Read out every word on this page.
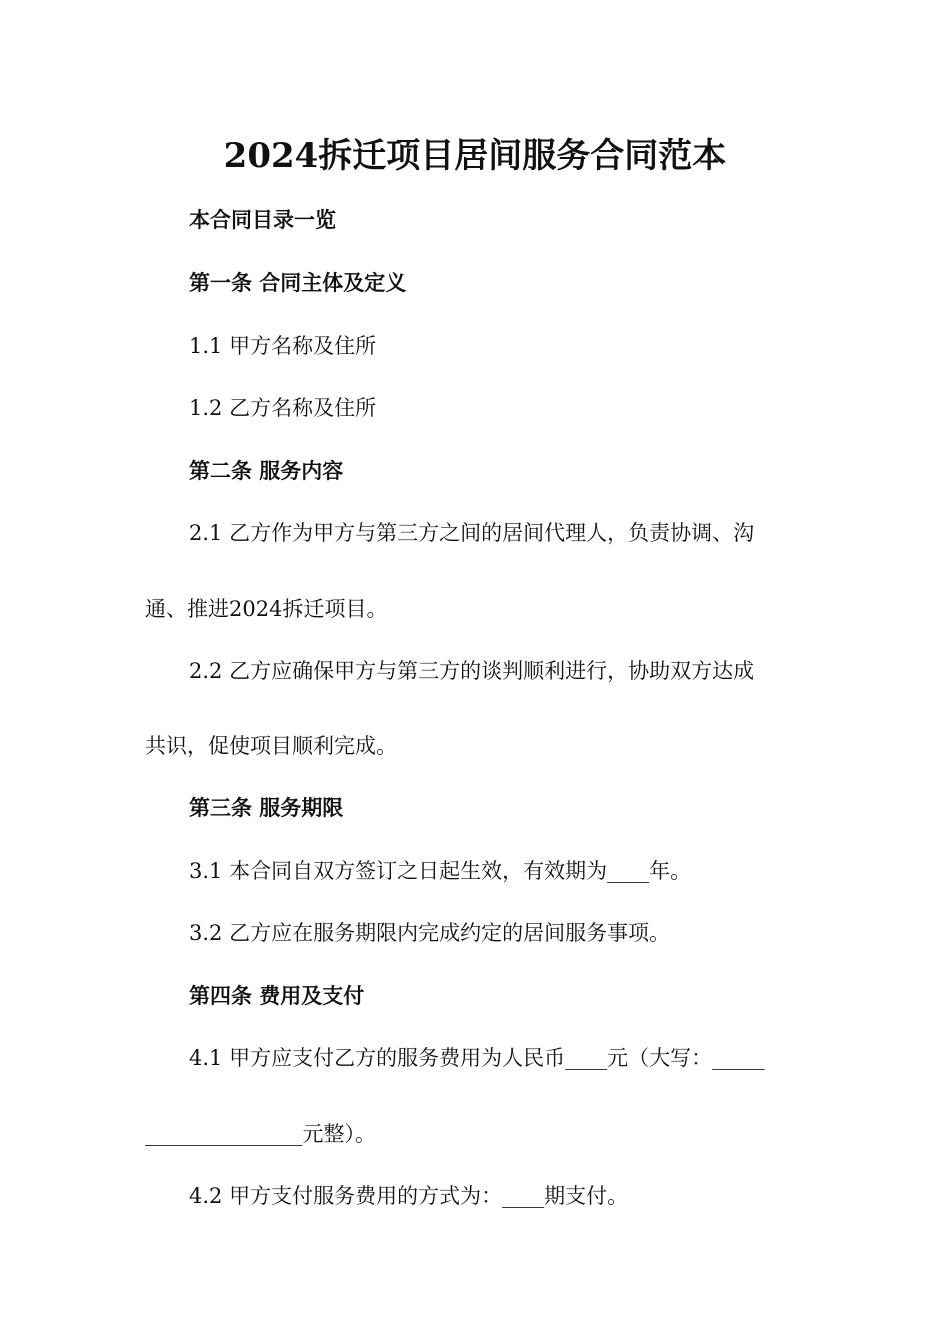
2024拆迁项目居间服务合同范本
本合同目录一览
第一条 合同主体及定义
1.1 甲方名称及住所
1.2 乙方名称及住所
第二条 服务内容
2.1 乙方作为甲方与第三方之间的居间代理人，负责协调、沟
通、推进2024拆迁项目。
2.2 乙方应确保甲方与第三方的谈判顺利进行，协助双方达成
共识，促使项目顺利完成。
第三条 服务期限
3.1 本合同自双方签订之日起生效，有效期为____年。
3.2 乙方应在服务期限内完成约定的居间服务事项。
第四条 费用及支付
4.1 甲方应支付乙方的服务费用为人民币____元（大写：_____
_______________元整）。
4.2 甲方支付服务费用的方式为：____期支付。
